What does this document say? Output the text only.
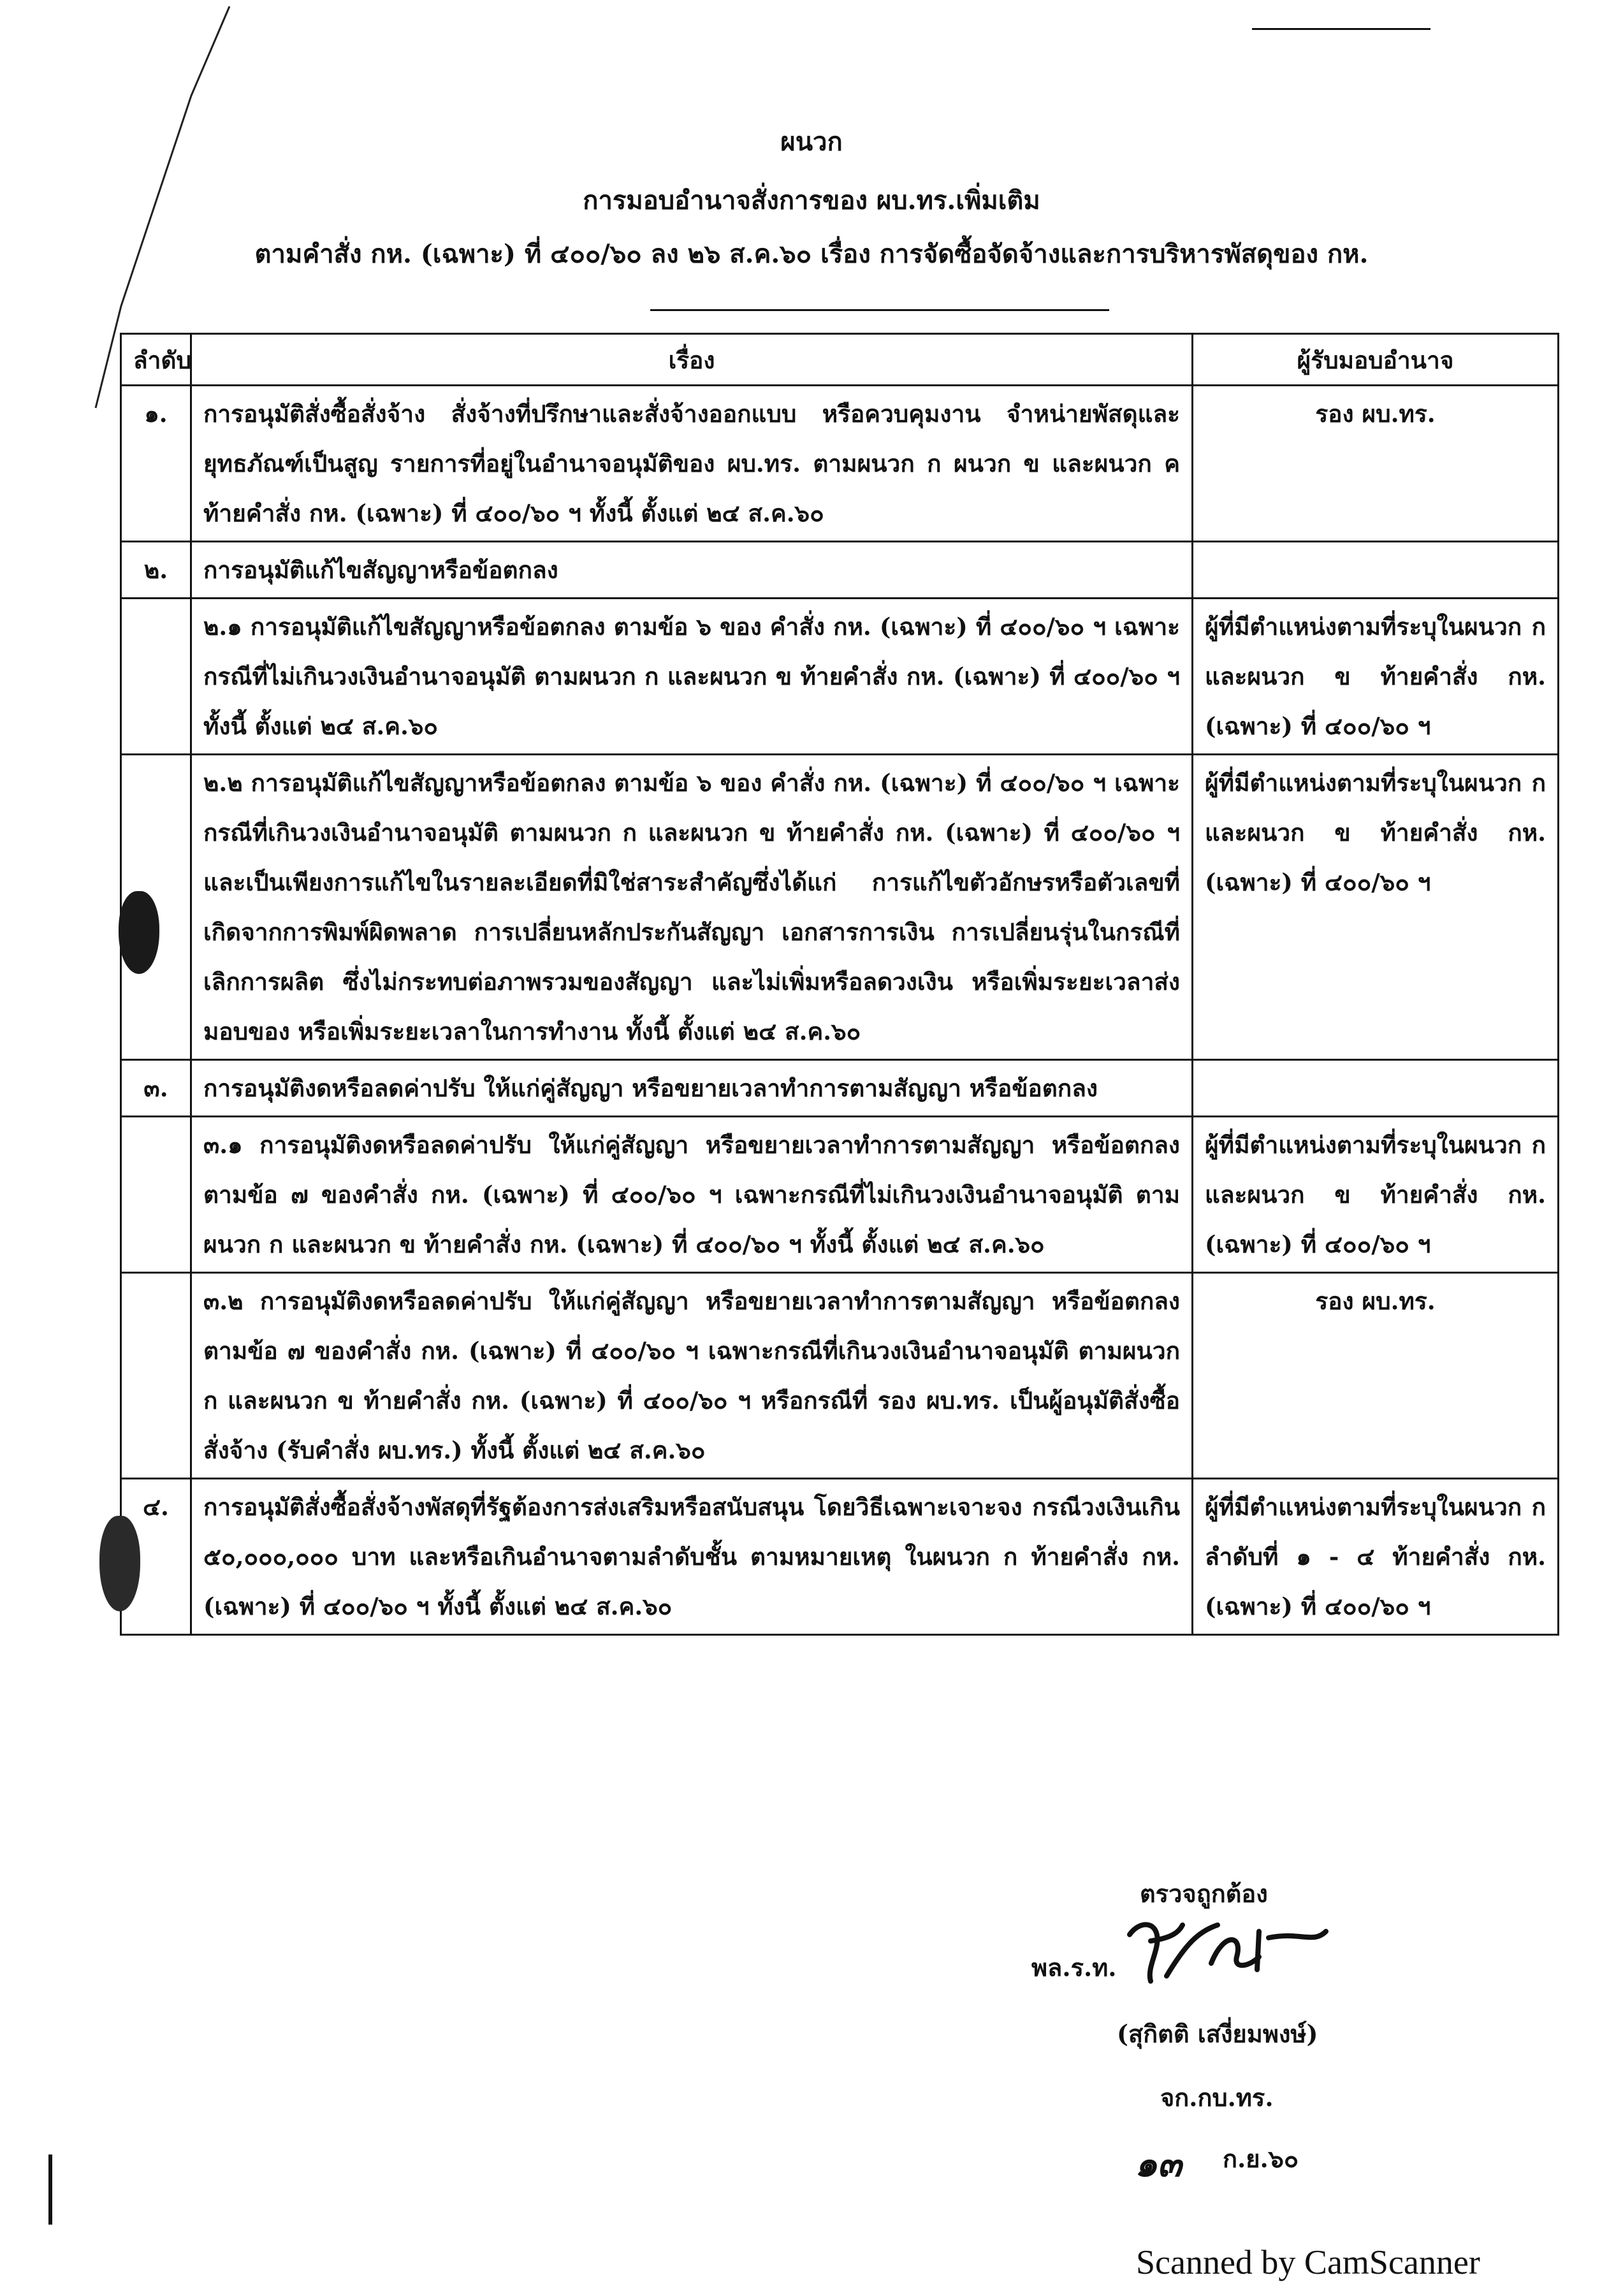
ผนวก
การมอบอำนาจสั่งการของ ผบ.ทร.เพิ่มเติม
ตามคำสั่ง กห. (เฉพาะ) ที่ ๔๐๐/๖๐ ลง ๒๖ ส.ค.๖๐ เรื่อง การจัดซื้อจัดจ้างและการบริหารพัสดุของ กห.
ลำดับ	เรื่อง	ผู้รับมอบอำนาจ
๑.	การอนุมัติสั่งซื้อสั่งจ้าง สั่งจ้างที่ปรึกษาและสั่งจ้างออกแบบ หรือควบคุมงาน จำหน่ายพัสดุและยุทธภัณฑ์เป็นสูญ รายการที่อยู่ในอำนาจอนุมัติของ ผบ.ทร. ตามผนวก ก ผนวก ข และผนวก ค ท้ายคำสั่ง กห. (เฉพาะ) ที่ ๔๐๐/๖๐ ฯ ทั้งนี้ ตั้งแต่ ๒๔ ส.ค.๖๐	รอง ผบ.ทร.
๒.	การอนุมัติแก้ไขสัญญาหรือข้อตกลง	
	๒.๑ การอนุมัติแก้ไขสัญญาหรือข้อตกลง ตามข้อ ๖ ของ คำสั่ง กห. (เฉพาะ) ที่ ๔๐๐/๖๐ ฯ เฉพาะกรณีที่ไม่เกินวงเงินอำนาจอนุมัติ ตามผนวก ก และผนวก ข ท้ายคำสั่ง กห. (เฉพาะ) ที่ ๔๐๐/๖๐ ฯ ทั้งนี้ ตั้งแต่ ๒๔ ส.ค.๖๐	ผู้ที่มีตำแหน่งตามที่ระบุในผนวก ก และผนวก ข ท้ายคำสั่ง กห. (เฉพาะ) ที่ ๔๐๐/๖๐ ฯ
	๒.๒ การอนุมัติแก้ไขสัญญาหรือข้อตกลง ตามข้อ ๖ ของ คำสั่ง กห. (เฉพาะ) ที่ ๔๐๐/๖๐ ฯ เฉพาะกรณีที่เกินวงเงินอำนาจอนุมัติ ตามผนวก ก และผนวก ข ท้ายคำสั่ง กห. (เฉพาะ) ที่ ๔๐๐/๖๐ ฯ และเป็นเพียงการแก้ไขในรายละเอียดที่มิใช่สาระสำคัญซึ่งได้แก่ การแก้ไขตัวอักษรหรือตัวเลขที่เกิดจากการพิมพ์ผิดพลาด การเปลี่ยนหลักประกันสัญญา เอกสารการเงิน การเปลี่ยนรุ่นในกรณีที่เลิกการผลิต ซึ่งไม่กระทบต่อภาพรวมของสัญญา และไม่เพิ่มหรือลดวงเงิน หรือเพิ่มระยะเวลาส่งมอบของ หรือเพิ่มระยะเวลาในการทำงาน ทั้งนี้ ตั้งแต่ ๒๔ ส.ค.๖๐	ผู้ที่มีตำแหน่งตามที่ระบุในผนวก ก และผนวก ข ท้ายคำสั่ง กห. (เฉพาะ) ที่ ๔๐๐/๖๐ ฯ
๓.	การอนุมัติงดหรือลดค่าปรับ ให้แก่คู่สัญญา หรือขยายเวลาทำการตามสัญญา หรือข้อตกลง	
	๓.๑ การอนุมัติงดหรือลดค่าปรับ ให้แก่คู่สัญญา หรือขยายเวลาทำการตามสัญญา หรือข้อตกลง ตามข้อ ๗ ของคำสั่ง กห. (เฉพาะ) ที่ ๔๐๐/๖๐ ฯ เฉพาะกรณีที่ไม่เกินวงเงินอำนาจอนุมัติ ตามผนวก ก และผนวก ข ท้ายคำสั่ง กห. (เฉพาะ) ที่ ๔๐๐/๖๐ ฯ ทั้งนี้ ตั้งแต่ ๒๔ ส.ค.๖๐	ผู้ที่มีตำแหน่งตามที่ระบุในผนวก ก และผนวก ข ท้ายคำสั่ง กห. (เฉพาะ) ที่ ๔๐๐/๖๐ ฯ
	๓.๒ การอนุมัติงดหรือลดค่าปรับ ให้แก่คู่สัญญา หรือขยายเวลาทำการตามสัญญา หรือข้อตกลง ตามข้อ ๗ ของคำสั่ง กห. (เฉพาะ) ที่ ๔๐๐/๖๐ ฯ เฉพาะกรณีที่เกินวงเงินอำนาจอนุมัติ ตามผนวก ก และผนวก ข ท้ายคำสั่ง กห. (เฉพาะ) ที่ ๔๐๐/๖๐ ฯ หรือกรณีที่ รอง ผบ.ทร. เป็นผู้อนุมัติสั่งซื้อสั่งจ้าง (รับคำสั่ง ผบ.ทร.) ทั้งนี้ ตั้งแต่ ๒๔ ส.ค.๖๐	รอง ผบ.ทร.
๔.	การอนุมัติสั่งซื้อสั่งจ้างพัสดุที่รัฐต้องการส่งเสริมหรือสนับสนุน โดยวิธีเฉพาะเจาะจง กรณีวงเงินเกิน ๕๐,๐๐๐,๐๐๐ บาท และหรือเกินอำนาจตามลำดับชั้น ตามหมายเหตุ ในผนวก ก ท้ายคำสั่ง กห. (เฉพาะ) ที่ ๔๐๐/๖๐ ฯ ทั้งนี้ ตั้งแต่ ๒๔ ส.ค.๖๐	ผู้ที่มีตำแหน่งตามที่ระบุในผนวก ก ลำดับที่ ๑ - ๔ ท้ายคำสั่ง กห. (เฉพาะ) ที่ ๔๐๐/๖๐ ฯ
ตรวจถูกต้อง
พล.ร.ท.
(สุกิตติ เสงี่ยมพงษ์)
จก.กบ.ทร.
๑๓ ก.ย.๖๐
Scanned by CamScanner
